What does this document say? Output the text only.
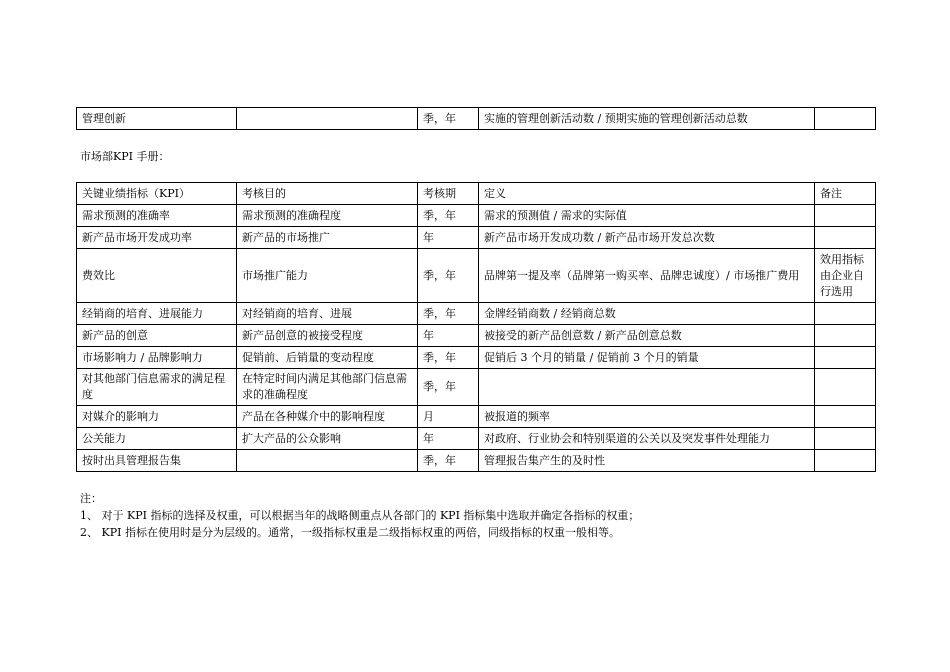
管理创新		季，年	实施的管理创新活动数 / 预期实施的管理创新活动总数	
市场部KPI 手册：
关键业绩指标（KPI）	考核目的	考核期	定义	备注
需求预测的准确率	需求预测的准确程度	季，年	需求的预测值 / 需求的实际值	
新产品市场开发成功率	新产品的市场推广	年	新产品市场开发成功数 / 新产品市场开发总次数	
费效比	市场推广能力	季，年	品牌第一提及率（品牌第一购买率、品牌忠诚度）/ 市场推广费用	效用指标由企业自行选用
经销商的培育、进展能力	对经销商的培育、进展	季，年	金牌经销商数 / 经销商总数	
新产品的创意	新产品创意的被接受程度	年	被接受的新产品创意数 / 新产品创意总数	
市场影响力 / 品牌影响力	促销前、后销量的变动程度	季，年	促销后 3 个月的销量 / 促销前 3 个月的销量	
对其他部门信息需求的满足程度	在特定时间内满足其他部门信息需求的准确程度	季，年		
对媒介的影响力	产品在各种媒介中的影响程度	月	被报道的频率	
公关能力	扩大产品的公众影响	年	对政府、行业协会和特别渠道的公关以及突发事件处理能力	
按时出具管理报告集		季，年	管理报告集产生的及时性	
注：
1、 对于 KPI 指标的选择及权重，可以根据当年的战略侧重点从各部门的 KPI 指标集中选取并确定各指标的权重；
2、 KPI 指标在使用时是分为层级的。通常，一级指标权重是二级指标权重的两倍，同级指标的权重一般相等。
